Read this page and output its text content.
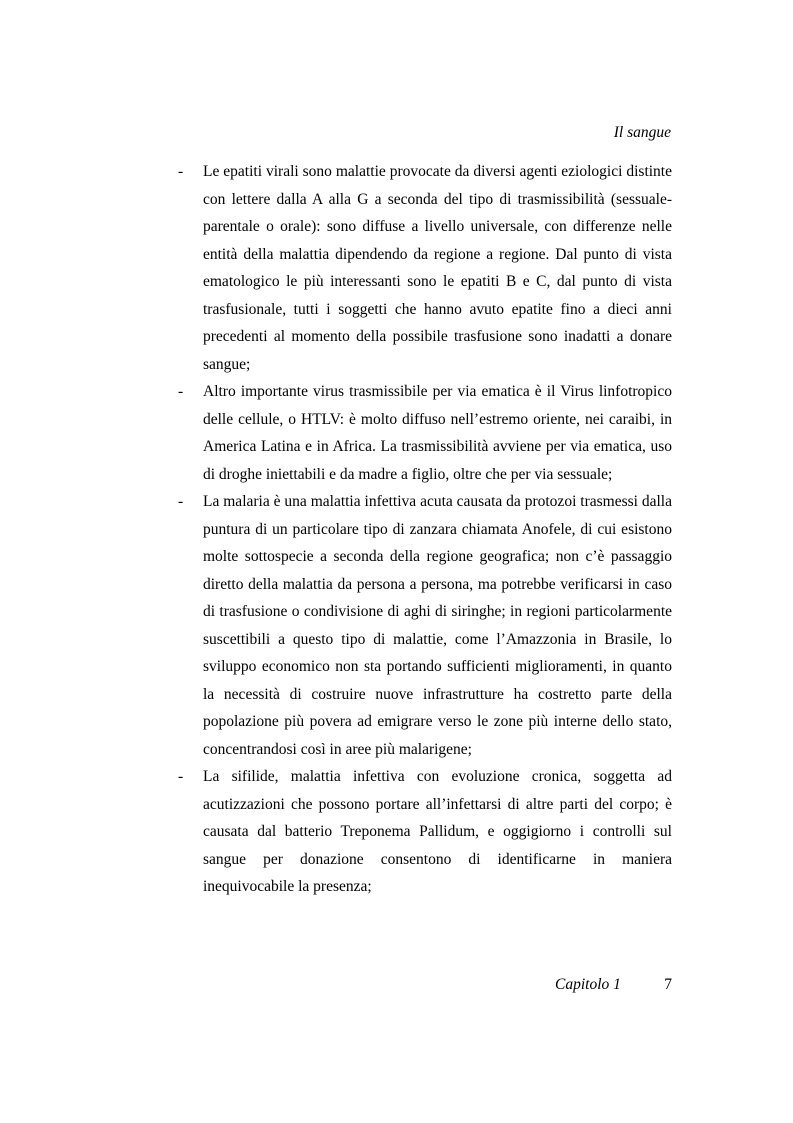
Il sangue
-	Le epatiti virali sono malattie provocate da diversi agenti eziologici distinte con lettere dalla A alla G a seconda del tipo di trasmissibilità (sessuale-parentale o orale): sono diffuse a livello universale, con differenze nelle entità della malattia dipendendo da regione a regione. Dal punto di vista ematologico le più interessanti sono le epatiti B e C, dal punto di vista trasfusionale, tutti i soggetti che hanno avuto epatite fino a dieci anni precedenti al momento della possibile trasfusione sono inadatti a donare sangue;
-	Altro importante virus trasmissibile per via ematica è il Virus linfotropico delle cellule, o HTLV: è molto diffuso nell’estremo oriente, nei caraibi, in America Latina e in Africa. La trasmissibilità avviene per via ematica, uso di droghe iniettabili e da madre a figlio, oltre che per via sessuale;
-	La malaria è una malattia infettiva acuta causata da protozoi trasmessi dalla puntura di un particolare tipo di zanzara chiamata Anofele, di cui esistono molte sottospecie a seconda della regione geografica; non c’è passaggio diretto della malattia da persona a persona, ma potrebbe verificarsi in caso di trasfusione o condivisione di aghi di siringhe; in regioni particolarmente suscettibili a questo tipo di malattie, come l’Amazzonia in Brasile, lo sviluppo economico non sta portando sufficienti miglioramenti, in quanto la necessità di costruire nuove infrastrutture ha costretto parte della popolazione più povera ad emigrare verso le zone più interne dello stato, concentrandosi così in aree più malarigene;
-	La sifilide, malattia infettiva con evoluzione cronica, soggetta ad acutizzazioni che possono portare all’infettarsi di altre parti del corpo; è causata dal batterio Treponema Pallidum, e oggigiorno i controlli sul sangue per donazione consentono di identificarne in maniera inequivocabile la presenza;
Capitolo 1	7
